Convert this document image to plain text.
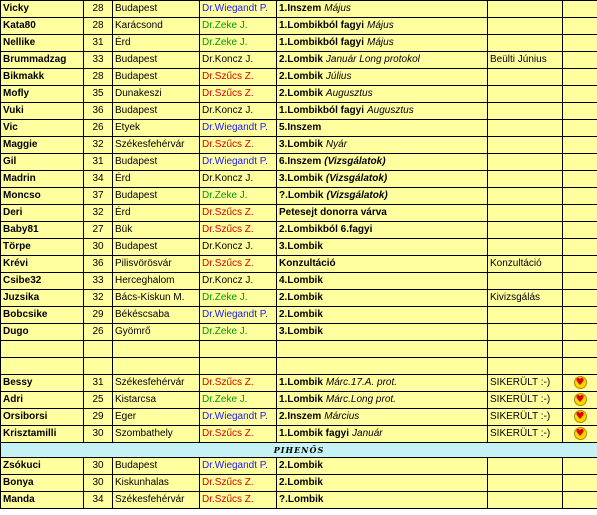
Vicky	28	Budapest	Dr.Wiegandt P.	1.Inszem Május		
Kata80	28	Karácsond	Dr.Zeke J.	1.Lombikból fagyi Május		
Nellike	31	Érd	Dr.Zeke J.	1.Lombikból fagyi Május		
Brummadzag	33	Budapest	Dr.Koncz J.	2.Lombik Január Long protokol	Beülti Június	
Bikmakk	28	Budapest	Dr.Szűcs Z.	2.Lombik Július		
Mofly	35	Dunakeszi	Dr.Szűcs Z.	2.Lombik Augusztus		
Vuki	36	Budapest	Dr.Koncz J.	1.Lombikból fagyi Augusztus		
Vic	26	Etyek	Dr.Wiegandt P.	5.Inszem		
Maggie	32	Székesfehérvár	Dr.Szűcs Z.	3.Lombik Nyár		
Gil	31	Budapest	Dr.Wiegandt P.	6.Inszem (Vizsgálatok)		
Madrin	34	Érd	Dr.Koncz J.	3.Lombik (Vizsgálatok)		
Moncso	37	Budapest	Dr.Zeke J.	?.Lombik (Vizsgálatok)		
Deri	32	Érd	Dr.Szűcs Z.	Petesejt donorra várva		
Baby81	27	Bük	Dr.Szűcs Z.	2.Lombikból 6.fagyi		
Törpe	30	Budapest	Dr.Koncz J.	3.Lombik		
Krévi	36	Pilisvörösvár	Dr.Szűcs Z.	Konzultáció	Konzultáció	
Csibe32	33	Herceghalom	Dr.Koncz J.	4.Lombik		
Juzsika	32	Bács-Kiskun M.	Dr.Zeke J.	2.Lombik	Kivizsgálás	
Bobcsike	29	Békéscsaba	Dr.Wiegandt P.	2.Lombik		
Dugo	26	Gyömrő	Dr.Zeke J.	3.Lombik		

Bessy	31	Székesfehérvár	Dr.Szűcs Z.	1.Lombik Márc.17.A. prot.	SIKERÜLT :-)	♥
Adri	25	Kistarcsa	Dr.Zeke J.	1.Lombik Márc.Long prot.	SIKERÜLT :-)	♥
Orsiborsi	29	Eger	Dr.Wiegandt P.	2.Inszem Március	SIKERÜLT :-)	♥
Krisztamilli	30	Szombathely	Dr.Szűcs Z.	1.Lombik fagyi Január	SIKERÜLT :-)	♥
PIHENŐS						
Zsókuci	30	Budapest	Dr.Wiegandt P.	2.Lombik		
Bonya	30	Kiskunhalas	Dr.Szűcs Z.	2.Lombik		
Manda	34	Székesfehérvár	Dr.Szűcs Z.	?.Lombik		
